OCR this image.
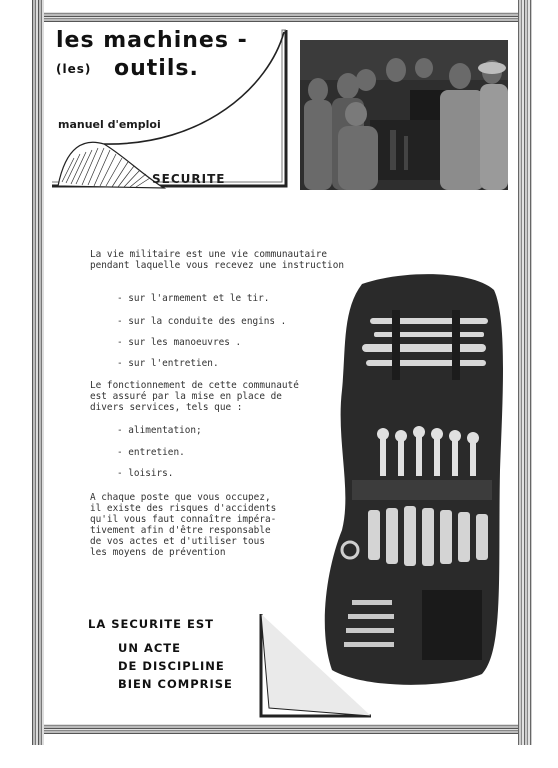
les machines -
(les) outils.
manuel d'emploi
SECURITE
La vie militaire est une vie communautaire
pendant laquelle vous recevez une instruction
- sur l'armement et le tir.
- sur la conduite des engins .
- sur les manoeuvres .
- sur l'entretien.
Le fonctionnement de cette communauté
est assuré par la mise en place de
divers services, tels que :
- alimentation;
- entretien.
- loisirs.
A chaque poste que vous occupez,
il existe des risques d'accidents
qu'il vous faut connaître impéra-
tivement afin d'être responsable
de vos actes et d'utiliser tous
les moyens de prévention
LA SECURITE EST
UN ACTE
DE DISCIPLINE
BIEN COMPRISE
